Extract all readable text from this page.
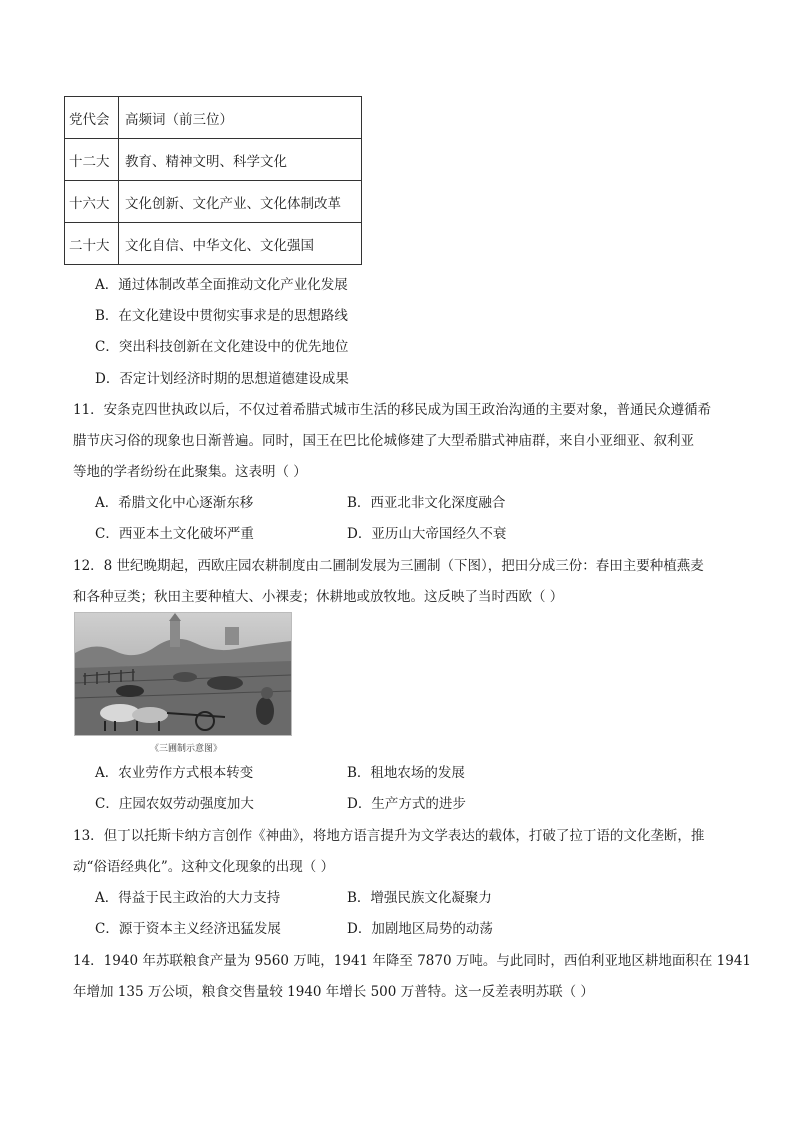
党代会	高频词（前三位）
十二大	教育、精神文明、科学文化
十六大	文化创新、文化产业、文化体制改革
二十大	文化自信、中华文化、文化强国
A．通过体制改革全面推动文化产业化发展
B．在文化建设中贯彻实事求是的思想路线
C．突出科技创新在文化建设中的优先地位
D．否定计划经济时期的思想道德建设成果
11．安条克四世执政以后，不仅过着希腊式城市生活的移民成为国王政治沟通的主要对象，普通民众遵循希
腊节庆习俗的现象也日渐普遍。同时，国王在巴比伦城修建了大型希腊式神庙群，来自小亚细亚、叙利亚
等地的学者纷纷在此聚集。这表明（ ）
A．希腊文化中心逐渐东移	B．西亚北非文化深度融合
C．西亚本土文化破坏严重	D．亚历山大帝国经久不衰
12．8 世纪晚期起，西欧庄园农耕制度由二圃制发展为三圃制（下图），把田分成三份：春田主要种植燕麦
和各种豆类；秋田主要种植大、小裸麦；休耕地或放牧地。这反映了当时西欧（ ）
《三圃制示意图》
A．农业劳作方式根本转变	B．租地农场的发展
C．庄园农奴劳动强度加大	D．生产方式的进步
13．但丁以托斯卡纳方言创作《神曲》，将地方语言提升为文学表达的载体，打破了拉丁语的文化垄断，推
动“俗语经典化”。这种文化现象的出现（ ）
A．得益于民主政治的大力支持	B．增强民族文化凝聚力
C．源于资本主义经济迅猛发展	D．加剧地区局势的动荡
14．1940 年苏联粮食产量为 9560 万吨，1941 年降至 7870 万吨。与此同时，西伯利亚地区耕地面积在 1941
年增加 135 万公顷，粮食交售量较 1940 年增长 500 万普特。这一反差表明苏联（ ）
